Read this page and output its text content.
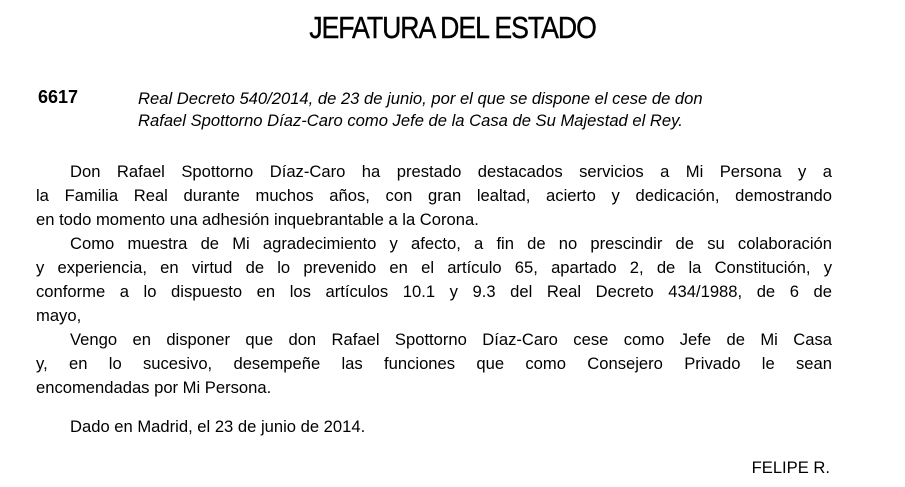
JEFATURA DEL ESTADO
6617	Real Decreto 540/2014, de 23 de junio, por el que se dispone el cese de don
Rafael Spottorno Díaz-Caro como Jefe de la Casa de Su Majestad el Rey.
Don Rafael Spottorno Díaz-Caro ha prestado destacados servicios a Mi Persona y a
la Familia Real durante muchos años, con gran lealtad, acierto y dedicación, demostrando
en todo momento una adhesión inquebrantable a la Corona.
Como muestra de Mi agradecimiento y afecto, a fin de no prescindir de su colaboración
y experiencia, en virtud de lo prevenido en el artículo 65, apartado 2, de la Constitución, y
conforme a lo dispuesto en los artículos 10.1 y 9.3 del Real Decreto 434/1988, de 6 de
mayo,
Vengo en disponer que don Rafael Spottorno Díaz-Caro cese como Jefe de Mi Casa
y, en lo sucesivo, desempeñe las funciones que como Consejero Privado le sean
encomendadas por Mi Persona.
Dado en Madrid, el 23 de junio de 2014.
FELIPE R.
